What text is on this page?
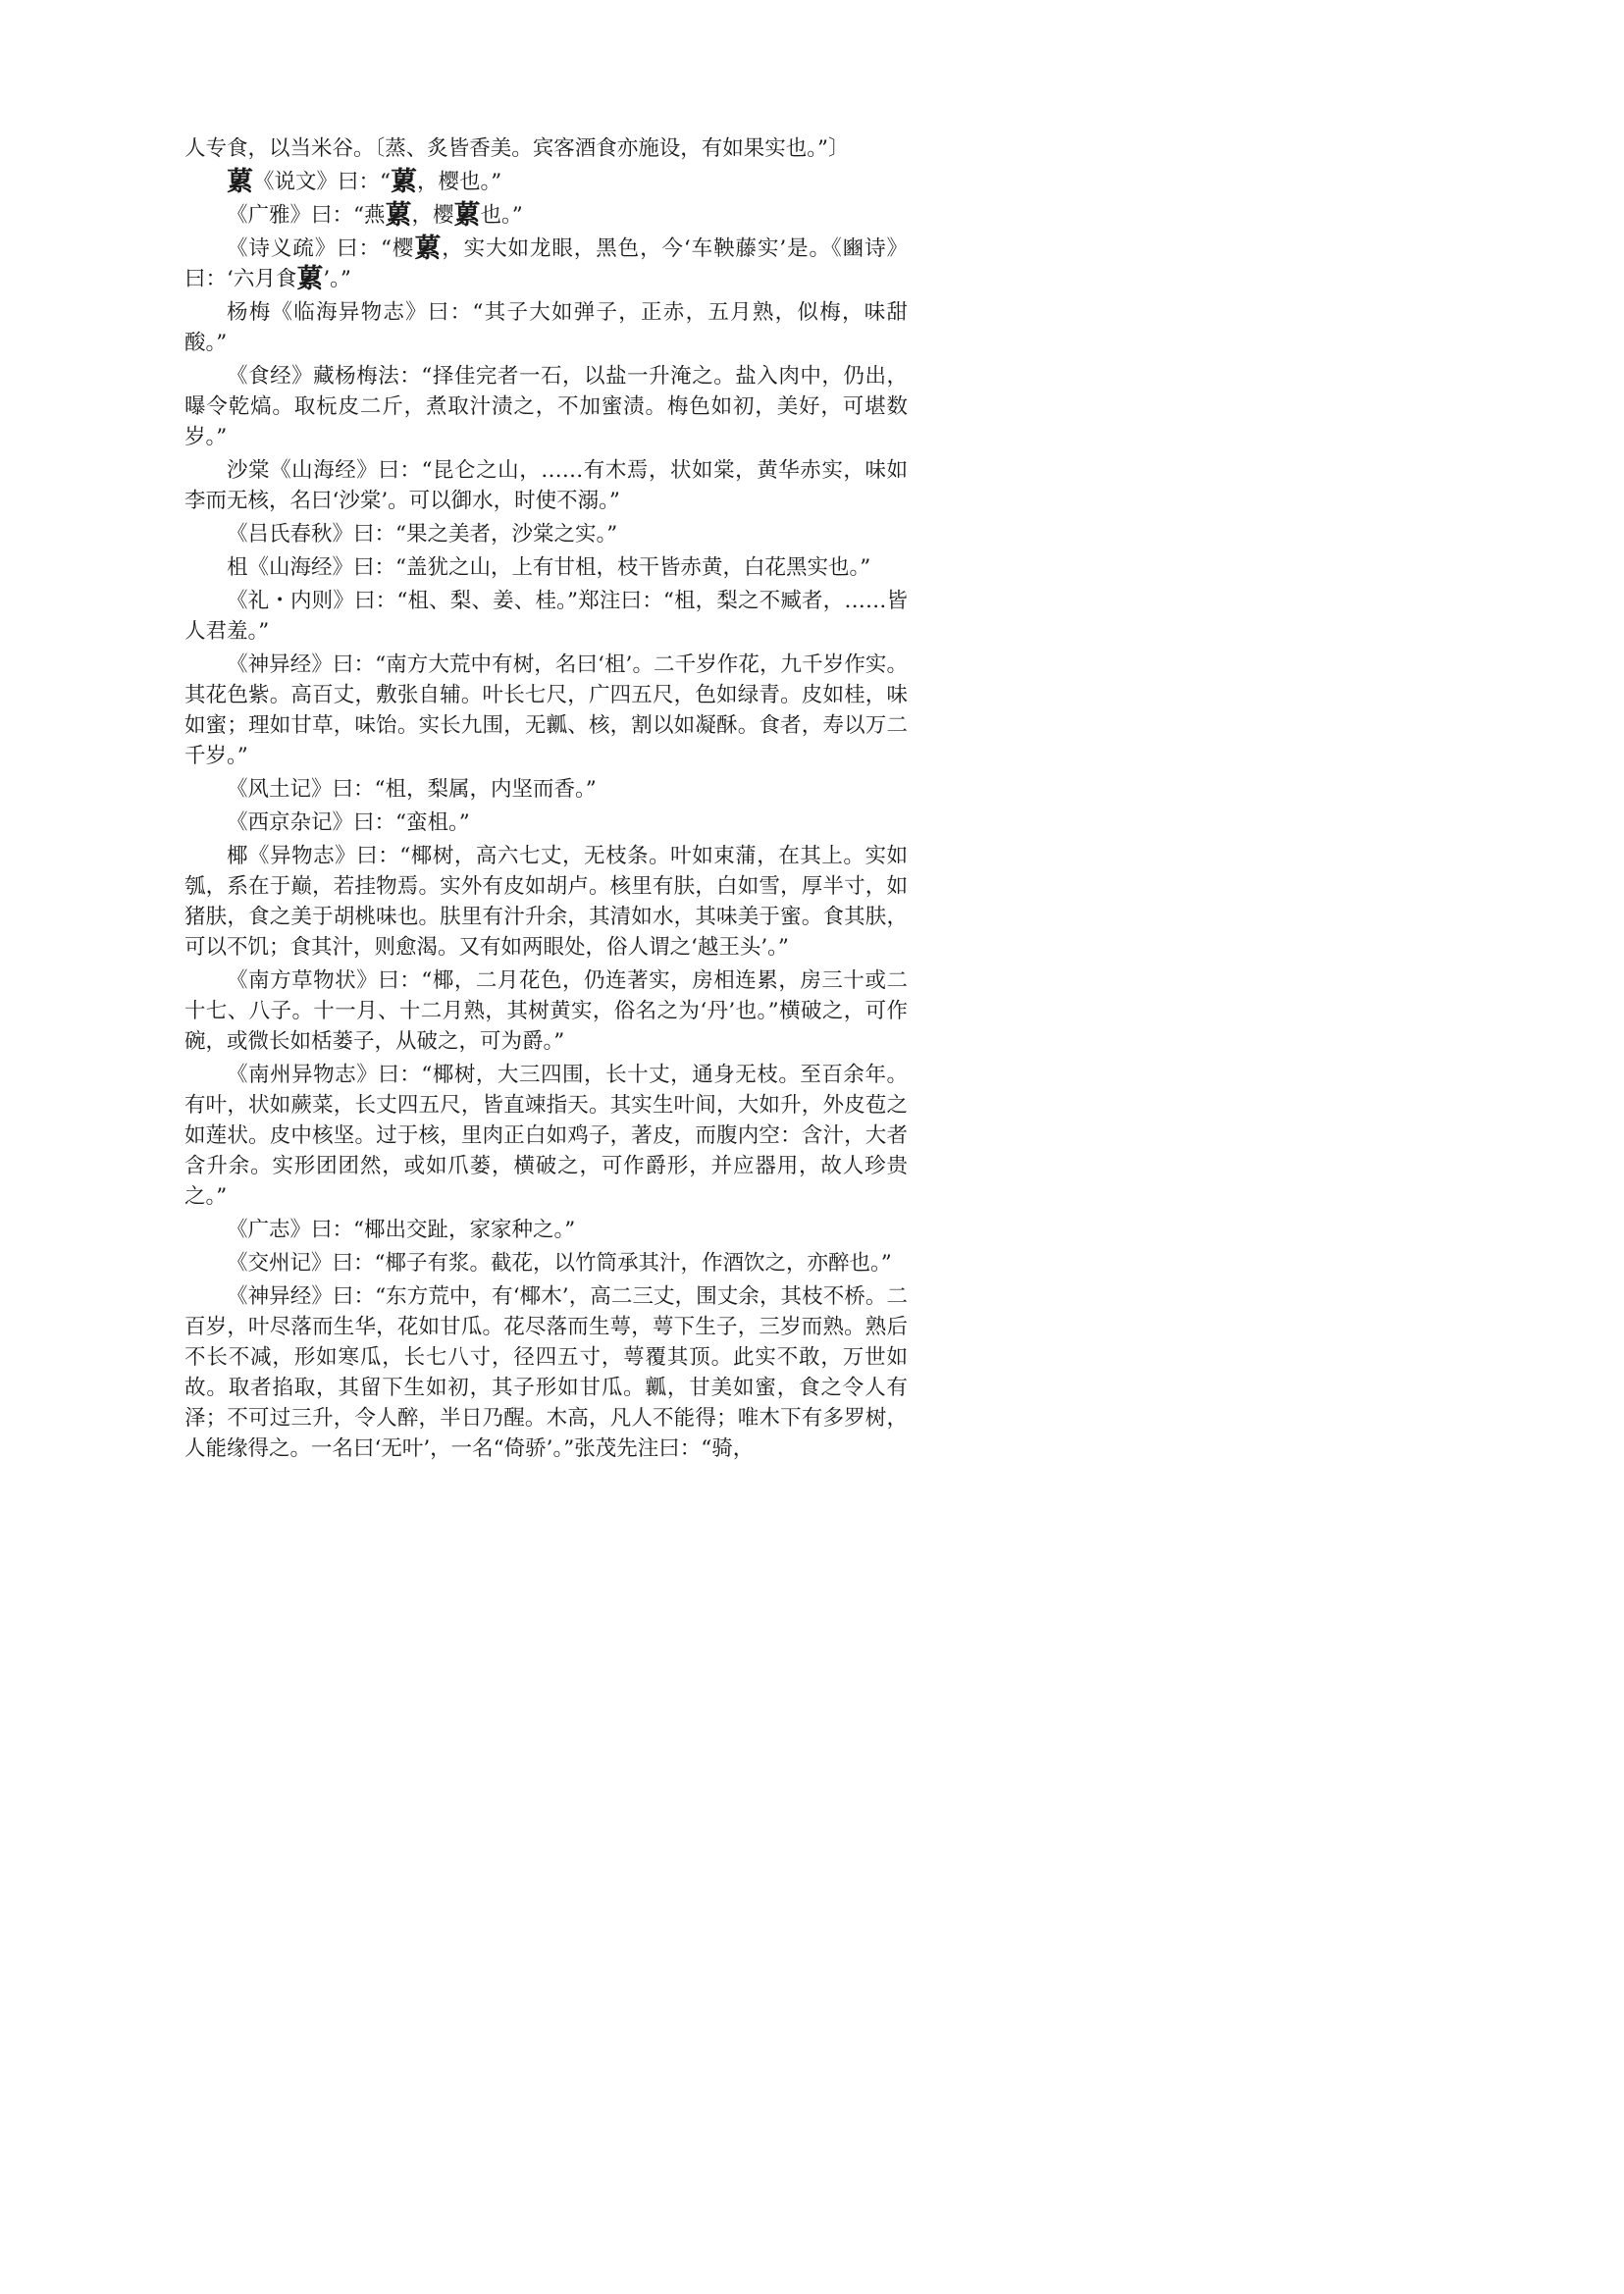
人专食，以当米谷。〔蒸、炙皆香美。宾客酒食亦施设，有如果实也。”〕

蔂《说文》曰：“蔂，樱也。”

《广雅》曰：“燕蔂，樱蔂也。”

《诗义疏》曰：“樱蔂，实大如龙眼，黑色，今‘车鞅藤实’是。《豳诗》曰：‘六月食蔂’。”

杨梅《临海异物志》曰：“其子大如弹子，正赤，五月熟，似梅，味甜酸。”

《食经》藏杨梅法：“择佳完者一石，以盐一升淹之。盐入肉中，仍出，曝令乾熇。取杬皮二斤，煮取汁渍之，不加蜜渍。梅色如初，美好，可堪数岁。”

沙棠《山海经》曰：“昆仑之山，……有木焉，状如棠，黄华赤实，味如李而无核，名曰‘沙棠’。可以御水，时使不溺。”

《吕氏春秋》曰：“果之美者，沙棠之实。”

柤《山海经》曰：“盖犹之山，上有甘柤，枝干皆赤黄，白花黑实也。”

《礼・内则》曰：“柤、梨、姜、桂。”郑注曰：“柤，梨之不臧者，……皆人君羞。”

《神异经》曰：“南方大荒中有树，名曰‘柤’。二千岁作花，九千岁作实。其花色紫。高百丈，敷张自辅。叶长七尺，广四五尺，色如绿青。皮如桂，味如蜜；理如甘草，味饴。实长九围，无瓤、核，割以如凝酥。食者，寿以万二千岁。”

《风土记》曰：“柤，梨属，内坚而香。”

《西京杂记》曰：“蛮柤。”

椰《异物志》曰：“椰树，高六七丈，无枝条。叶如束蒲，在其上。实如瓠，系在于巅，若挂物焉。实外有皮如胡卢。核里有肤，白如雪，厚半寸，如猪肤，食之美于胡桃味也。肤里有汁升余，其清如水，其味美于蜜。食其肤，可以不饥；食其汁，则愈渴。又有如两眼处，俗人谓之‘越王头’。”

《南方草物状》曰：“椰，二月花色，仍连著实，房相连累，房三十或二十七、八子。十一月、十二月熟，其树黄实，俗名之为‘丹’也。”横破之，可作碗，或微长如栝蒌子，从破之，可为爵。”

《南州异物志》曰：“椰树，大三四围，长十丈，通身无枝。至百余年。有叶，状如蕨菜，长丈四五尺，皆直竦指天。其实生叶间，大如升，外皮苞之如莲状。皮中核坚。过于核，里肉正白如鸡子，著皮，而腹内空：含汁，大者含升余。实形团团然，或如爪蒌，横破之，可作爵形，并应器用，故人珍贵之。”

《广志》曰：“椰出交趾，家家种之。”

《交州记》曰：“椰子有浆。截花，以竹筒承其汁，作酒饮之，亦醉也。”

《神异经》曰：“东方荒中，有‘椰木’，高二三丈，围丈余，其枝不桥。二百岁，叶尽落而生华，花如甘瓜。花尽落而生萼，萼下生子，三岁而熟。熟后不长不减，形如寒瓜，长七八寸，径四五寸，萼覆其顶。此实不敢，万世如故。取者掐取，其留下生如初，其子形如甘瓜。瓤，甘美如蜜，食之令人有泽；不可过三升，令人醉，半日乃醒。木高，凡人不能得；唯木下有多罗树，人能缘得之。一名曰‘无叶’，一名“倚骄’。”张茂先注曰：“骑，
